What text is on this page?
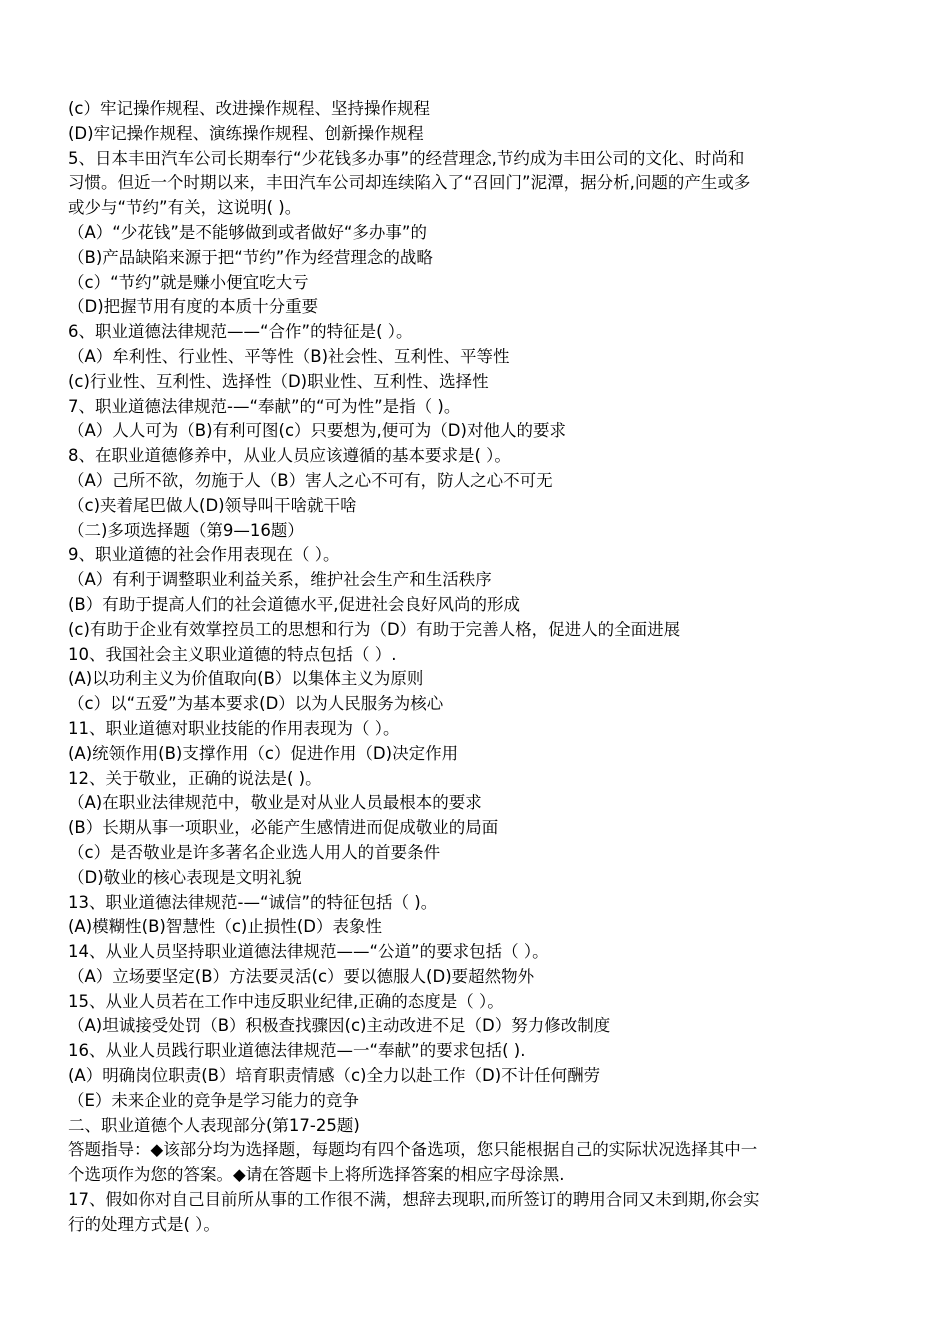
(c）牢记操作规程、改进操作规程、坚持操作规程
(D)牢记操作规程、演练操作规程、创新操作规程
5、日本丰田汽车公司长期奉行“少花钱多办事”的经营理念,节约成为丰田公司的文化、时尚和
习惯。但近一个时期以来，丰田汽车公司却连续陷入了“召回门”泥潭，据分析,问题的产生或多
或少与“节约”有关，这说明( )。
（A）“少花钱”是不能够做到或者做好“多办事”的
（B)产品缺陷来源于把“节约”作为经营理念的战略
（c）“节约”就是赚小便宜吃大亏
（D)把握节用有度的本质十分重要
6、职业道德法律规范——“合作”的特征是( ）。
（A）牟利性、行业性、平等性（B)社会性、互利性、平等性
(c)行业性、互利性、选择性（D)职业性、互利性、选择性
7、职业道德法律规范-—“奉献”的“可为性”是指（ )。
（A）人人可为（B)有利可图(c）只要想为,便可为（D)对他人的要求
8、在职业道德修养中，从业人员应该遵循的基本要求是( ）。
（A）己所不欲，勿施于人（B）害人之心不可有，防人之心不可无
（c)夹着尾巴做人(D)领导叫干啥就干啥
（二)多项选择题（第9—16题）
9、职业道德的社会作用表现在（ ）。
（A）有利于调整职业利益关系，维护社会生产和生活秩序
(B）有助于提高人们的社会道德水平,促进社会良好风尚的形成
(c)有助于企业有效掌控员工的思想和行为（D）有助于完善人格，促进人的全面进展
10、我国社会主义职业道德的特点包括（ ）.
(A)以功利主义为价值取向(B）以集体主义为原则
（c）以“五爱”为基本要求(D）以为人民服务为核心
11、职业道德对职业技能的作用表现为（ ）。
(A)统领作用(B)支撑作用（c）促进作用（D)决定作用
12、关于敬业，正确的说法是( )。
（A)在职业法律规范中，敬业是对从业人员最根本的要求
(B）长期从事一项职业，必能产生感情进而促成敬业的局面
（c）是否敬业是许多著名企业选人用人的首要条件
（D)敬业的核心表现是文明礼貌
13、职业道德法律规范-—“诚信”的特征包括（ )。
(A)模糊性(B)智慧性（c)止损性(D）表象性
14、从业人员坚持职业道德法律规范——“公道”的要求包括（ ）。
（A）立场要坚定(B）方法要灵活(c）要以德服人(D)要超然物外
15、从业人员若在工作中违反职业纪律,正确的态度是（ ）。
（A)坦诚接受处罚（B）积极查找骤因(c)主动改进不足（D）努力修改制度
16、从业人员践行职业道德法律规范—一“奉献”的要求包括( ).
(A）明确岗位职责(B）培育职责情感（c)全力以赴工作（D)不计任何酬劳
（E）未来企业的竞争是学习能力的竞争
二、职业道德个人表现部分(第17-25题)
答题指导：◆该部分均为选择题，每题均有四个备选项，您只能根据自己的实际状况选择其中一
个选项作为您的答案。◆请在答题卡上将所选择答案的相应字母涂黑.
17、假如你对自己目前所从事的工作很不满，想辞去现职,而所签订的聘用合同又未到期,你会实
行的处理方式是( ）。
